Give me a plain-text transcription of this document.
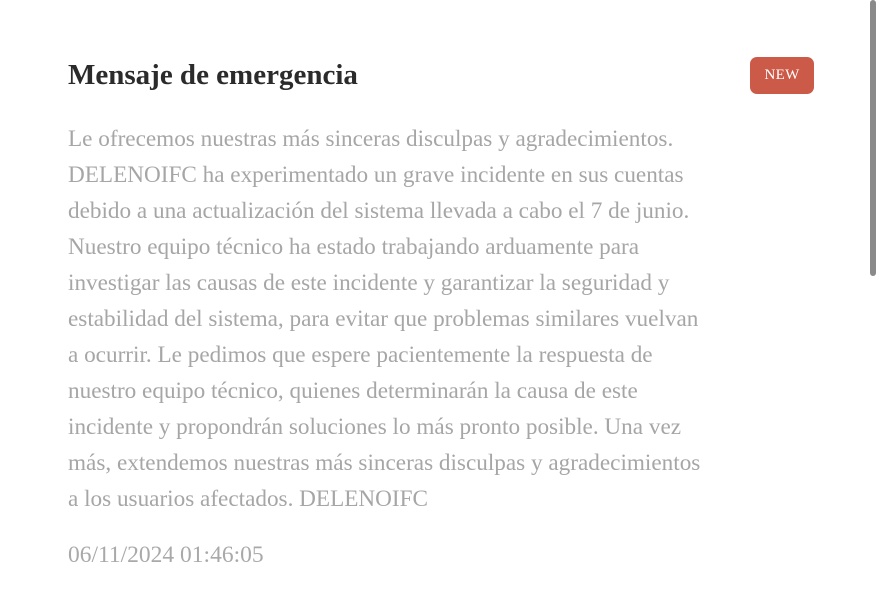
Mensaje de emergencia	NEW

Le ofrecemos nuestras más sinceras disculpas y agradecimientos.
DELENOIFC ha experimentado un grave incidente en sus cuentas
debido a una actualización del sistema llevada a cabo el 7 de junio.
Nuestro equipo técnico ha estado trabajando arduamente para
investigar las causas de este incidente y garantizar la seguridad y
estabilidad del sistema, para evitar que problemas similares vuelvan
a ocurrir. Le pedimos que espere pacientemente la respuesta de
nuestro equipo técnico, quienes determinarán la causa de este
incidente y propondrán soluciones lo más pronto posible. Una vez
más, extendemos nuestras más sinceras disculpas y agradecimientos
a los usuarios afectados. DELENOIFC

06/11/2024 01:46:05
